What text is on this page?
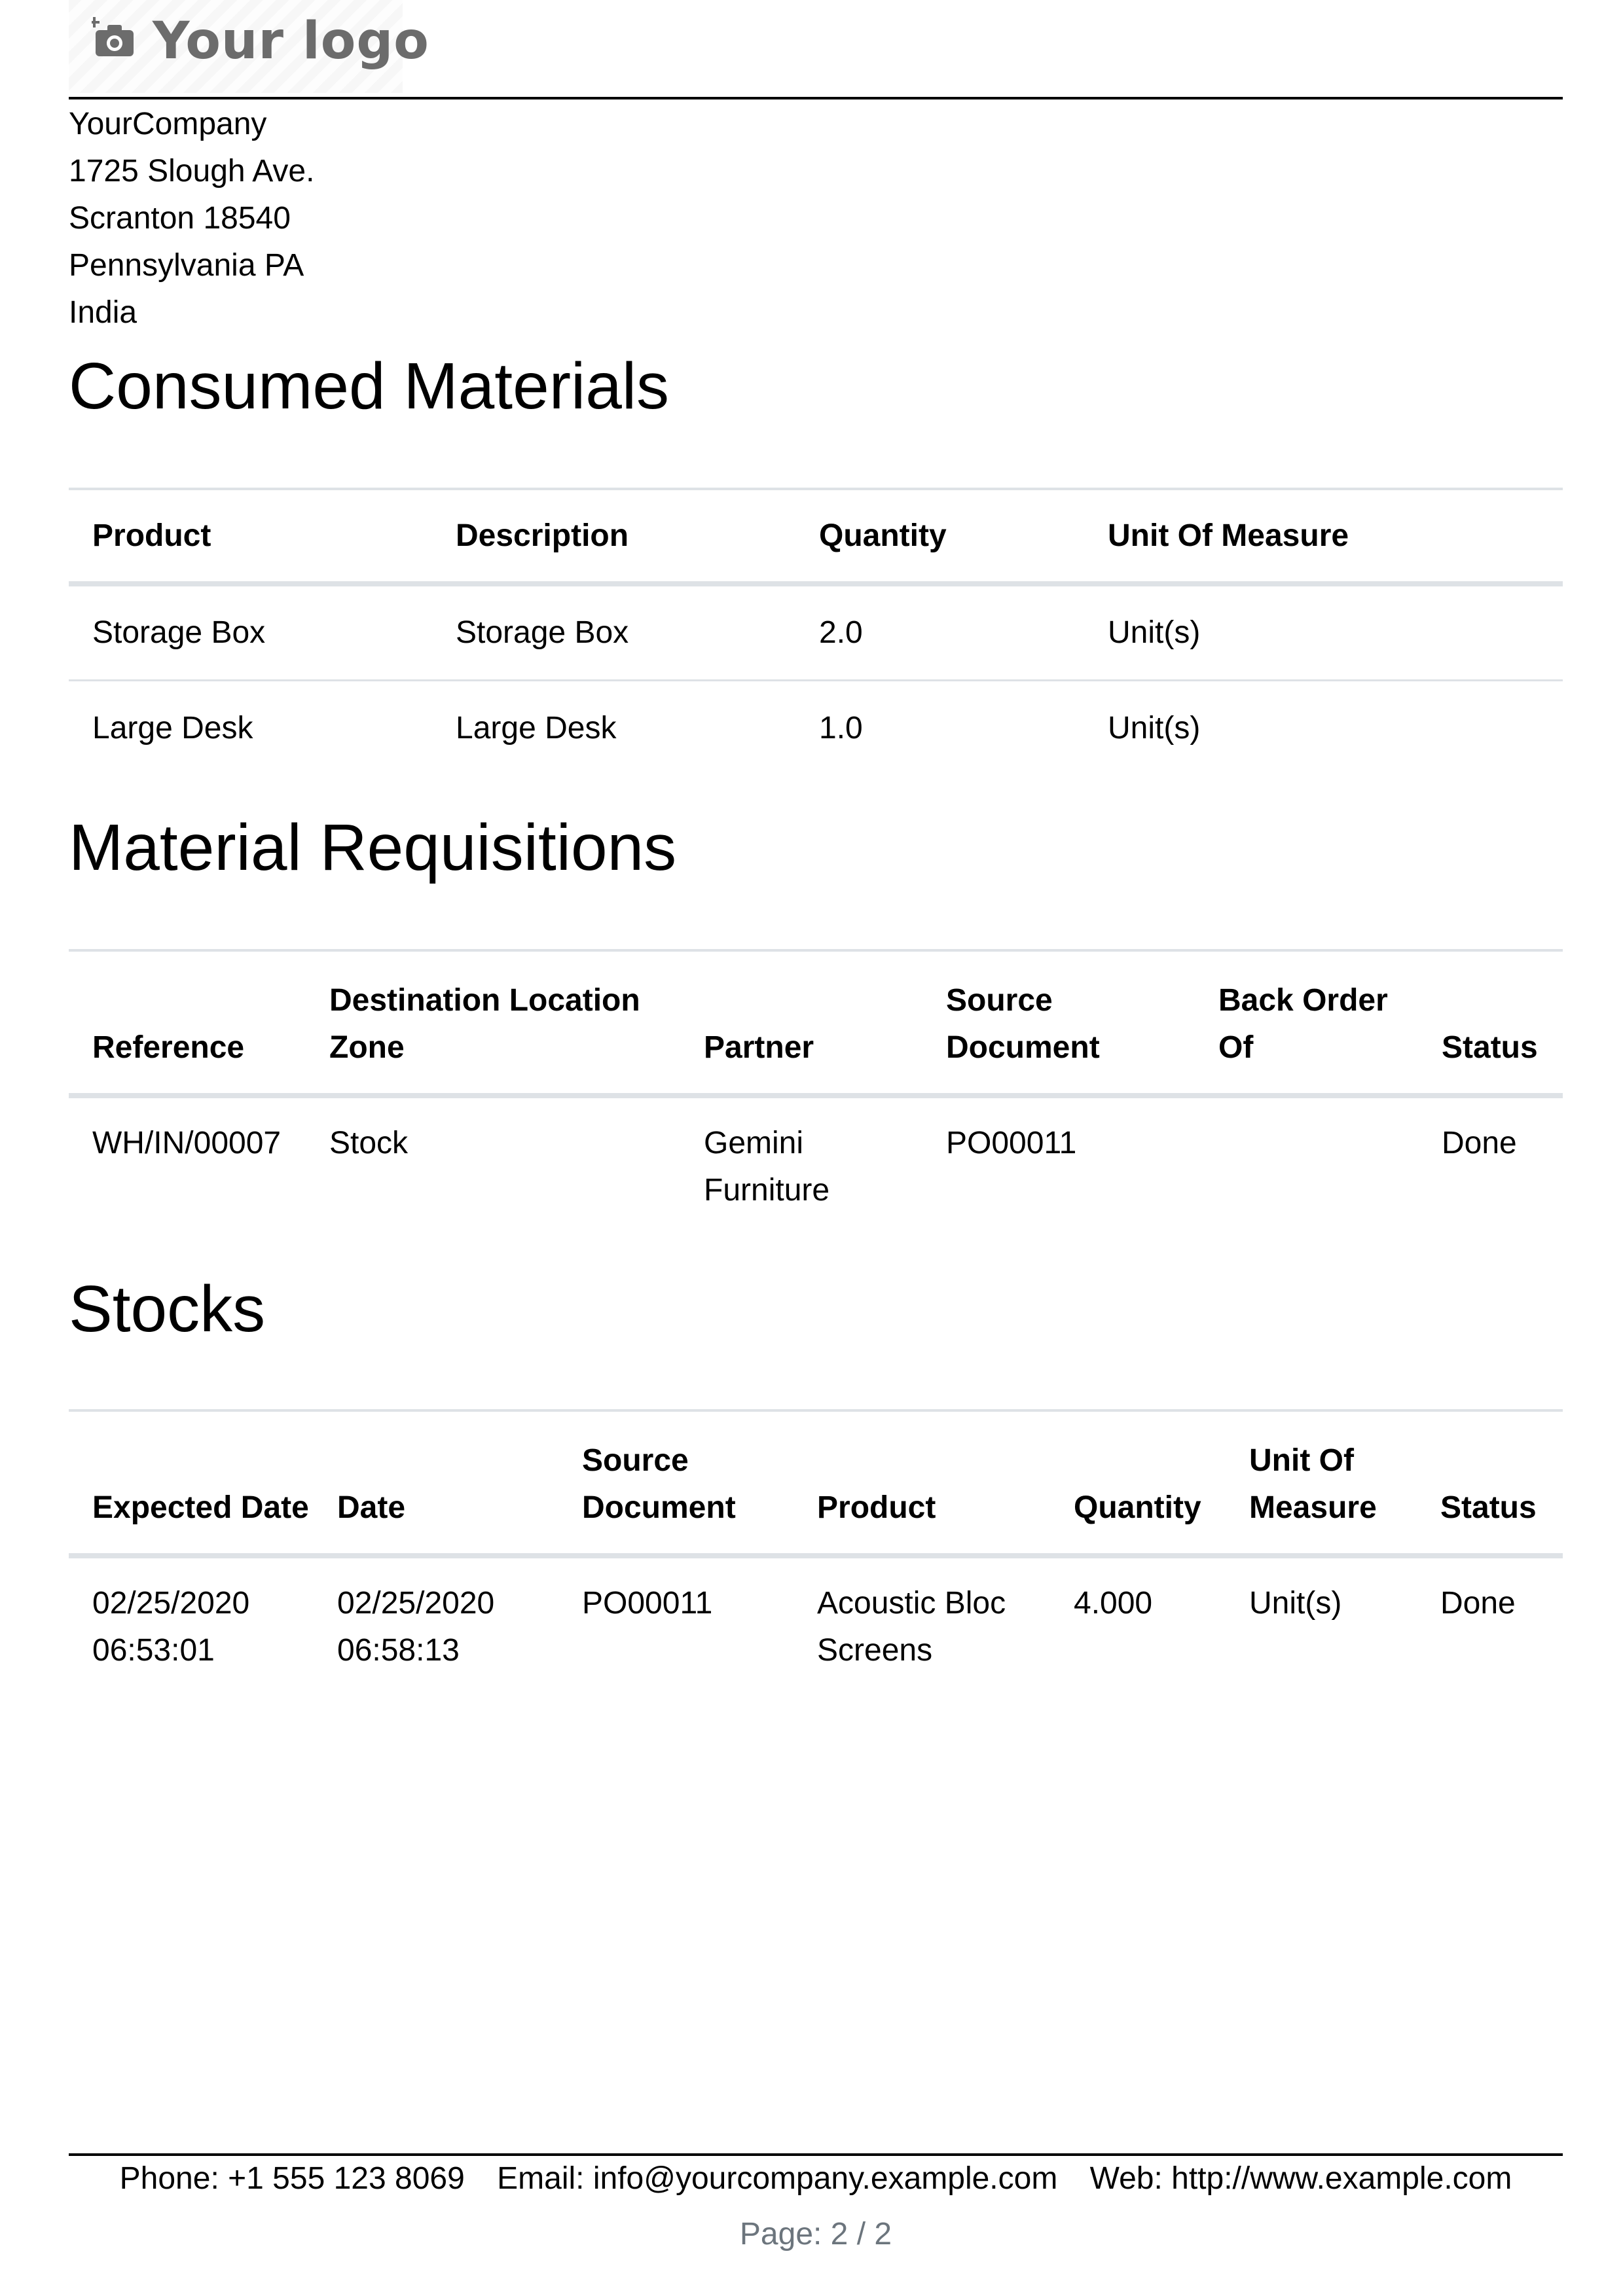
Your logo
YourCompany
1725 Slough Ave.
Scranton 18540
Pennsylvania PA
India
Consumed Materials
Product	Description	Quantity	Unit Of Measure
Storage Box	Storage Box	2.0	Unit(s)
Large Desk	Large Desk	1.0	Unit(s)
Material Requisitions
Reference	Destination Location Zone	Partner	Source Document	Back Order Of	Status
WH/IN/00007	Stock	Gemini Furniture	PO00011		Done
Stocks
Expected Date	Date	Source Document	Product	Quantity	Unit Of Measure	Status
02/25/2020 06:53:01	02/25/2020 06:58:13	PO00011	Acoustic Bloc Screens	4.000	Unit(s)	Done
Phone: +1 555 123 8069 Email: info@yourcompany.example.com Web: http://www.example.com
Page: 2 / 2
